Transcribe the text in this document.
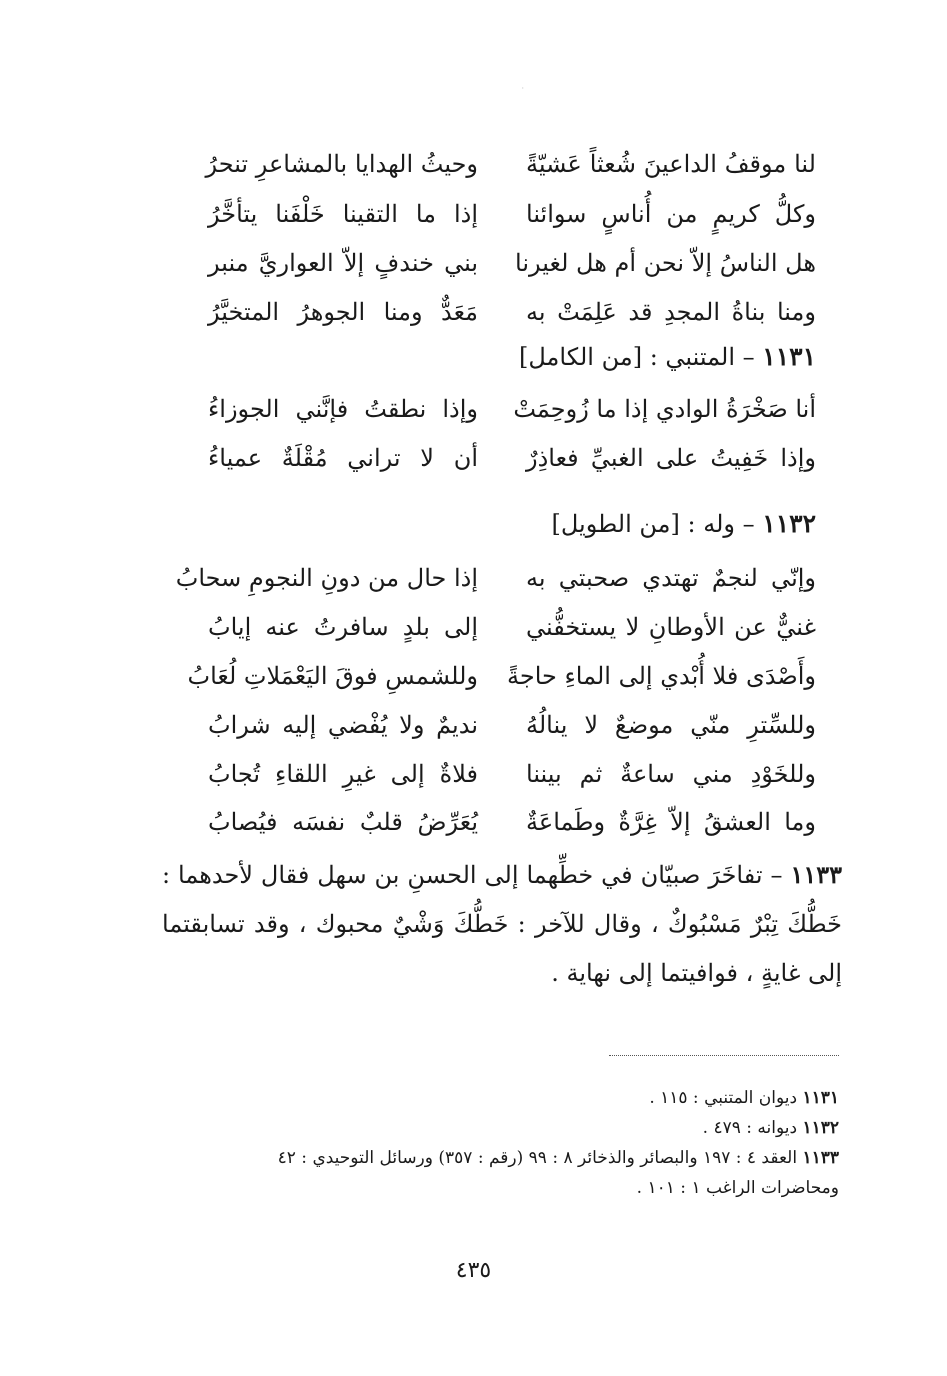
·
لنا موقفُ الداعينَ شُعثاً عَشيّةً
وحيثُ الهدايا بالمشاعرِ تنحرُ
وكلُّ كريمٍ من أُناسٍ سوائنا
إذا ما التقينا خَلْفَنا يتأخَّرُ
هل الناسُ إلاّ نحن أم هل لغيرنا
بني خندفٍ إلاّ العواريَّ منبر
ومنا بناةُ المجدِ قد عَلِمَتْ به
مَعَدٌّ ومنا الجوهرُ المتخيَّرُ
١١٣١ – المتنبي : [من الكامل]
أنا صَخْرَةُ الوادي إذا ما زُوحِمَتْ
وإذا نطقتُ فإنَّني الجوزاءُ
وإذا خَفِيتُ على الغبيِّ فعاذِرٌ
أن لا تراني مُقْلَةٌ عمياءُ
١١٣٢ – وله : [من الطويل]
وإنّي لنجمٌ تهتدي صحبتي به
إذا حال من دونِ النجومِ سحابُ
غنيٌّ عن الأوطانِ لا يستخفُّني
إلى بلدٍ سافرتُ عنه إيابُ
وأَصْدَى فلا أُبْدي إلى الماءِ حاجةً
وللشمسِ فوقَ اليَعْمَلاتِ لُعَابُ
وللسِّترِ منّي موضعٌ لا ينالُهُ
نديمٌ ولا يُفْضي إليه شرابُ
وللخَوْدِ مني ساعةٌ ثم بيننا
فلاةٌ إلى غيرِ اللقاءِ تُجابُ
وما العشقُ إلاّ غِرَّةٌ وطَماعَةٌ
يُعَرِّضُ قلبٌ نفسَه فيُصابُ
١١٣٣ – تفاخَرَ صبيّان في خطِّهما إلى الحسنِ بن سهل فقال لأحدهما : خَطُّكَ تِبْرٌ مَسْبُوكٌ ، وقال للآخر : خَطُّكَ وَشْيٌ محبوك ، وقد تسابقتما إلى غايةٍ ، فوافيتما إلى نهاية .
١١٣١ ديوان المتنبي : ١١٥ .
١١٣٢ ديوانه : ٤٧٩ .
١١٣٣ العقد ٤ : ١٩٧ والبصائر والذخائر ٨ : ٩٩ (رقم : ٣٥٧) ورسائل التوحيدي : ٤٢
ومحاضرات الراغب ١ : ١٠١ .
٤٣٥
